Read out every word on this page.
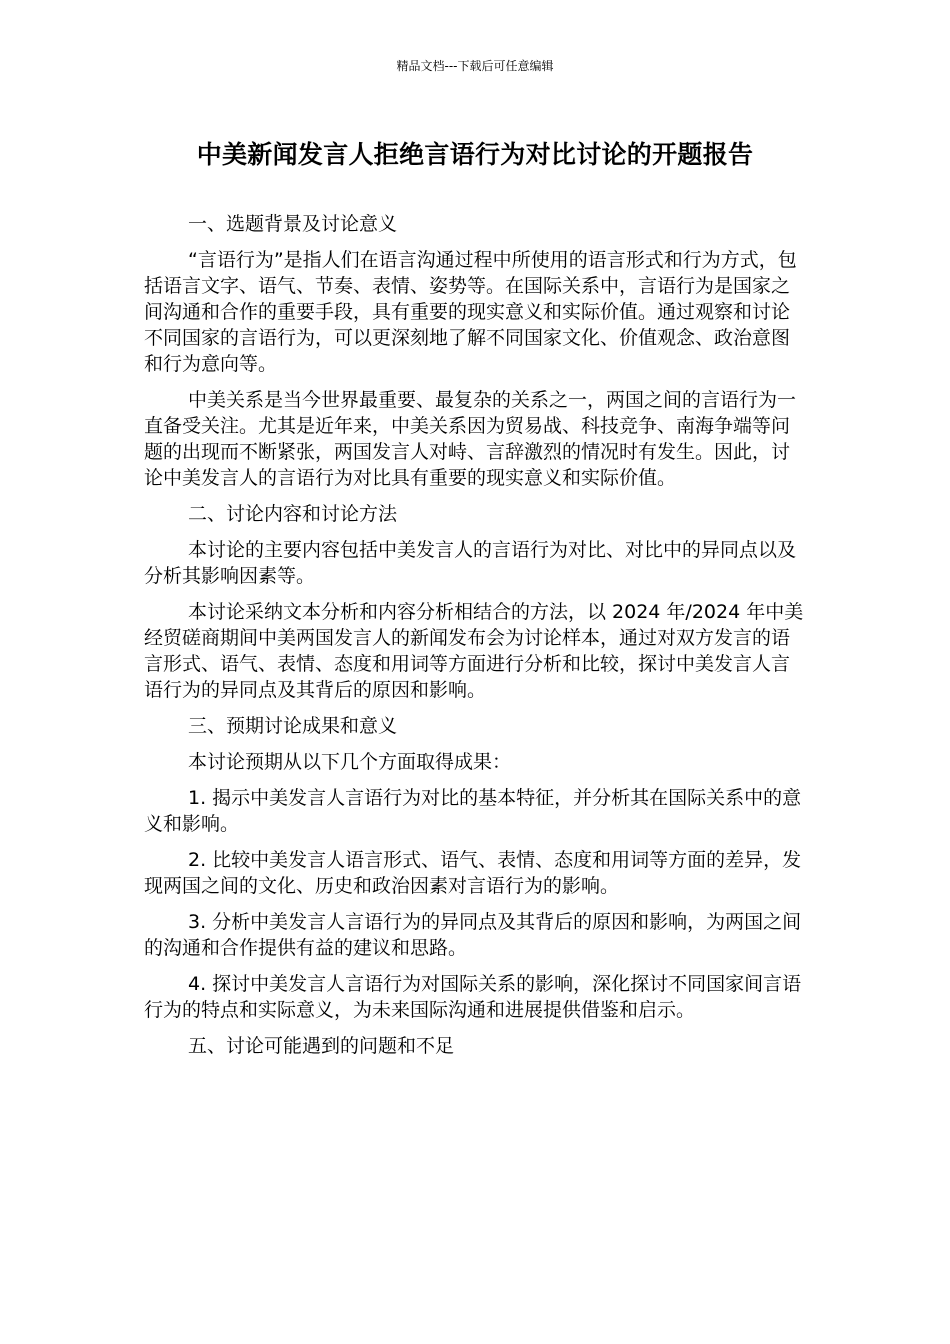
精品文档---下载后可任意编辑
中美新闻发言人拒绝言语行为对比讨论的开题报告
一、选题背景及讨论意义
“言语行为”是指人们在语言沟通过程中所使用的语言形式和行为方式，包括语言文字、语气、节奏、表情、姿势等。在国际关系中，言语行为是国家之间沟通和合作的重要手段，具有重要的现实意义和实际价值。通过观察和讨论不同国家的言语行为，可以更深刻地了解不同国家文化、价值观念、政治意图和行为意向等。
中美关系是当今世界最重要、最复杂的关系之一，两国之间的言语行为一直备受关注。尤其是近年来，中美关系因为贸易战、科技竞争、南海争端等问题的出现而不断紧张，两国发言人对峙、言辞激烈的情况时有发生。因此，讨论中美发言人的言语行为对比具有重要的现实意义和实际价值。
二、讨论内容和讨论方法
本讨论的主要内容包括中美发言人的言语行为对比、对比中的异同点以及分析其影响因素等。
本讨论采纳文本分析和内容分析相结合的方法，以 2024 年/2024 年中美经贸磋商期间中美两国发言人的新闻发布会为讨论样本，通过对双方发言的语言形式、语气、表情、态度和用词等方面进行分析和比较，探讨中美发言人言语行为的异同点及其背后的原因和影响。
三、预期讨论成果和意义
本讨论预期从以下几个方面取得成果：
1. 揭示中美发言人言语行为对比的基本特征，并分析其在国际关系中的意义和影响。
2. 比较中美发言人语言形式、语气、表情、态度和用词等方面的差异，发现两国之间的文化、历史和政治因素对言语行为的影响。
3. 分析中美发言人言语行为的异同点及其背后的原因和影响，为两国之间的沟通和合作提供有益的建议和思路。
4. 探讨中美发言人言语行为对国际关系的影响，深化探讨不同国家间言语行为的特点和实际意义，为未来国际沟通和进展提供借鉴和启示。
五、讨论可能遇到的问题和不足
